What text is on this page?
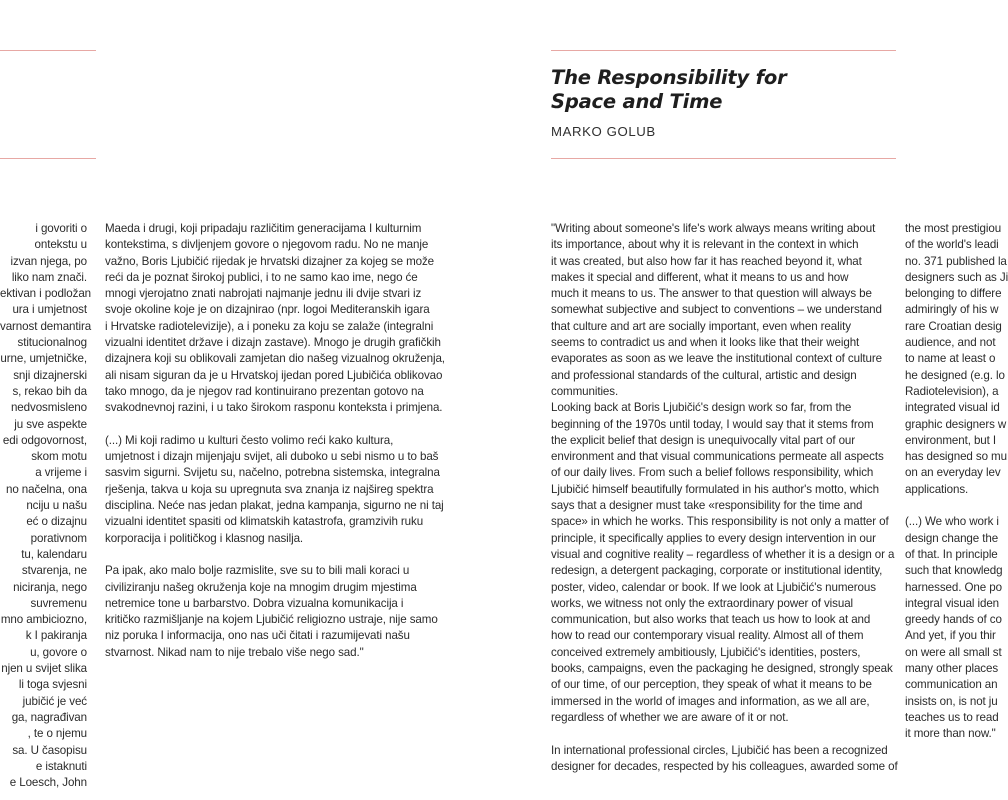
The Responsibility for
Space and Time
MARKO GOLUB
i govoriti o
ontekstu u
izvan njega, po
liko nam znači.
ektivan i podložan
ura i umjetnost
varnost demantira
stitucionalnog
urne, umjetničke,
snji dizajnerski
s, rekao bih da
nedvosmisleno
ju sve aspekte
edi odgovornost,
skom motu
a vrijeme i
no načelna, ona
nciju u našu
eć o dizajnu
porativnom
tu, kalendaru
stvarenja, ne
niciranja, nego
suvremenu
mno ambiciozno,
k I pakiranja
u, govore o
njen u svijet slika
li toga svjesni
jubičić je već
ga, nagrađivan
, te o njemu
sa. U časopisu
e istaknuti
e Loesch, John
Maeda i drugi, koji pripadaju različitim generacijama I kulturnim
kontekstima, s divljenjem govore o njegovom radu. No ne manje
važno, Boris Ljubičić rijedak je hrvatski dizajner za kojeg se može
reći da je poznat širokoj publici, i to ne samo kao ime, nego će
mnogi vjerojatno znati nabrojati najmanje jednu ili dvije stvari iz
svoje okoline koje je on dizajnirao (npr. logoi Mediteranskih igara
i Hrvatske radiotelevizije), a i poneku za koju se zalaže (integralni
vizualni identitet države i dizajn zastave). Mnogo je drugih grafičkih
dizajnera koji su oblikovali zamjetan dio našeg vizualnog okruženja,
ali nisam siguran da je u Hrvatskoj ijedan pored Ljubičića oblikovao
tako mnogo, da je njegov rad kontinuirano prezentan gotovo na
svakodnevnoj razini, i u tako širokom rasponu konteksta i primjena.
(...) Mi koji radimo u kulturi često volimo reći kako kultura,
umjetnost i dizajn mijenjaju svijet, ali duboko u sebi nismo u to baš
sasvim sigurni. Svijetu su, načelno, potrebna sistemska, integralna
rješenja, takva u koja su upregnuta sva znanja iz najšireg spektra
disciplina. Neće nas jedan plakat, jedna kampanja, sigurno ne ni taj
vizualni identitet spasiti od klimatskih katastrofa, gramzivih ruku
korporacija i političkog i klasnog nasilja.
Pa ipak, ako malo bolje razmislite, sve su to bili mali koraci u
civiliziranju našeg okruženja koje na mnogim drugim mjestima
netremice tone u barbarstvo. Dobra vizualna komunikacija i
kritičko razmišljanje na kojem Ljubičić religiozno ustraje, nije samo
niz poruka I informacija, ono nas uči čitati i razumijevati našu
stvarnost. Nikad nam to nije trebalo više nego sad."
"Writing about someone's life's work always means writing about
its importance, about why it is relevant in the context in which
it was created, but also how far it has reached beyond it, what
makes it special and different, what it means to us and how
much it means to us. The answer to that question will always be
somewhat subjective and subject to conventions – we understand
that culture and art are socially important, even when reality
seems to contradict us and when it looks like that their weight
evaporates as soon as we leave the institutional context of culture
and professional standards of the cultural, artistic and design
communities.
Looking back at Boris Ljubičić's design work so far, from the
beginning of the 1970s until today, I would say that it stems from
the explicit belief that design is unequivocally vital part of our
environment and that visual communications permeate all aspects
of our daily lives. From such a belief follows responsibility, which
Ljubičić himself beautifully formulated in his author's motto, which
says that a designer must take «responsibility for the time and
space» in which he works. This responsibility is not only a matter of
principle, it specifically applies to every design intervention in our
visual and cognitive reality – regardless of whether it is a design or a
redesign, a detergent packaging, corporate or institutional identity,
poster, video, calendar or book. If we look at Ljubičić's numerous
works, we witness not only the extraordinary power of visual
communication, but also works that teach us how to look at and
how to read our contemporary visual reality. Almost all of them
conceived extremely ambitiously, Ljubičić's identities, posters,
books, campaigns, even the packaging he designed, strongly speak
of our time, of our perception, they speak of what it means to be
immersed in the world of images and information, as we all are,
regardless of whether we are aware of it or not.
In international professional circles, Ljubičić has been a recognized
designer for decades, respected by his colleagues, awarded some of
the most prestigiou
of the world's leadi
no. 371 published la
designers such as Ji
belonging to differe
admiringly of his w
rare Croatian desig
audience, and not
to name at least o
he designed (e.g. lo
Radiotelevision), a
integrated visual id
graphic designers w
environment, but I
has designed so mu
on an everyday lev
applications.
(...) We who work i
design change the
of that. In principle
such that knowledg
harnessed. One po
integral visual iden
greedy hands of co
And yet, if you thir
on were all small st
many other places
communication an
insists on, is not ju
teaches us to read
it more than now."
